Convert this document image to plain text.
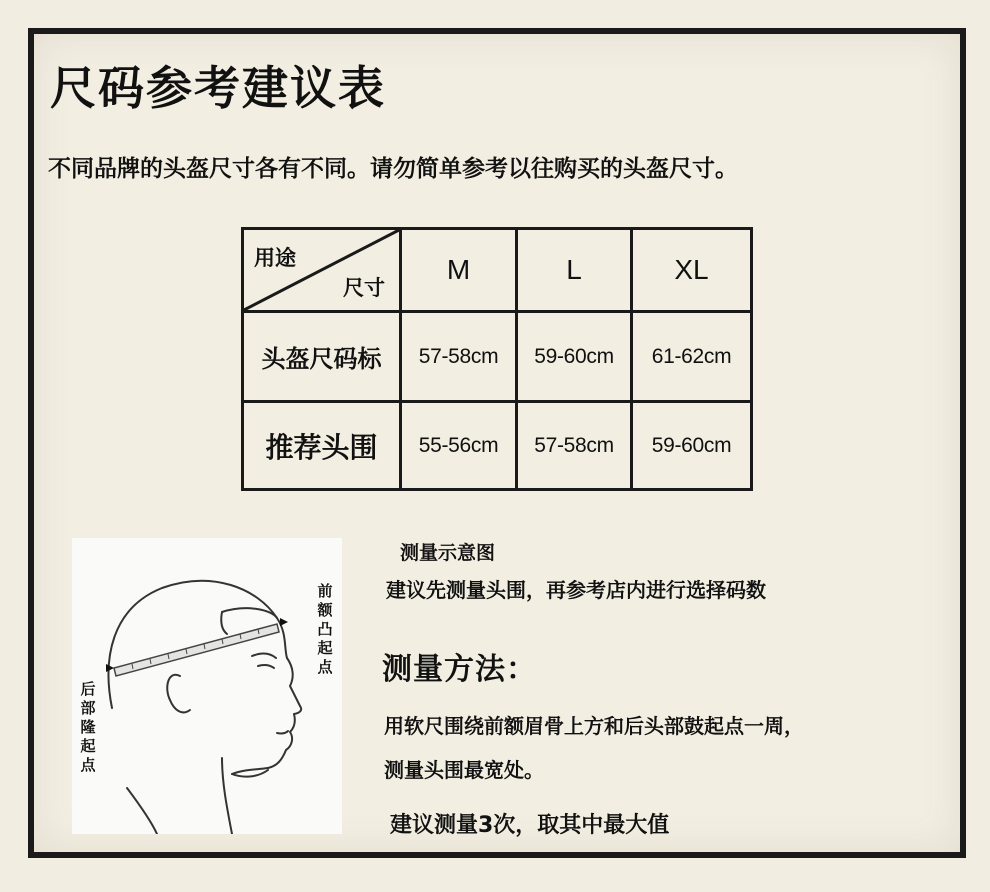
尺码参考建议表
不同品牌的头盔尺寸各有不同。请勿简单参考以往购买的头盔尺寸。
用途
尺寸	M	L	XL
头盔尺码标	57-58cm	59-60cm	61-62cm
推荐头围	55-56cm	57-58cm	59-60cm
前额凸起点
后部隆起点
测量示意图
建议先测量头围，再参考店内进行选择码数
测量方法：
用软尺围绕前额眉骨上方和后头部鼓起点一周，
测量头围最宽处。
建议测量3次，取其中最大值
